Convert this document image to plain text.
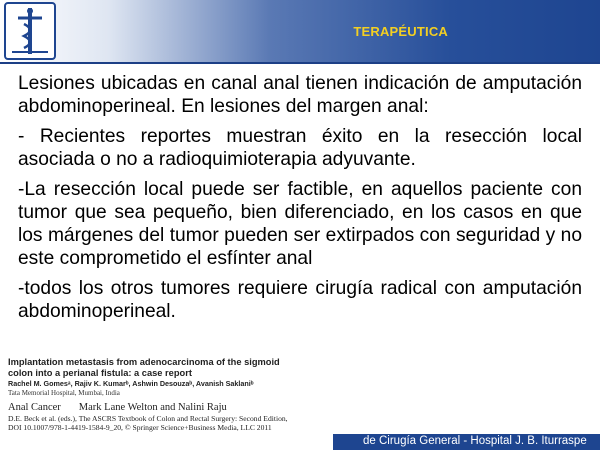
TERAPÉUTICA

Lesiones ubicadas en canal anal tienen indicación de amputación abdominoperineal. En lesiones del margen anal:

- Recientes reportes muestran éxito en la resección local asociada o no a radioquimioterapia adyuvante.

-La resección local puede ser factible, en aquellos paciente con tumor que sea pequeño, bien diferenciado, en los casos en que los márgenes del tumor pueden ser extirpados con seguridad y no este comprometido el esfínter anal

-todos los otros tumores requiere cirugía radical con amputación abdominoperineal.

Implantation metastasis from adenocarcinoma of the sigmoid
colon into a perianal fistula: a case report
Rachel M. Gomesᵃ, Rajiv K. Kumarᵇ, Ashwin Desouzaᵇ, Avanish Saklaniᵇ
Tata Memorial Hospital, Mumbai, India
Anal Cancer Mark Lane Welton and Nalini Raju
D.E. Beck et al. (eds.), The ASCRS Textbook of Colon and Rectal Surgery: Second Edition,
DOI 10.1007/978-1-4419-1584-9_20, © Springer Science+Business Media, LLC 2011
de Cirugía General - Hospital J. B. Iturraspe
